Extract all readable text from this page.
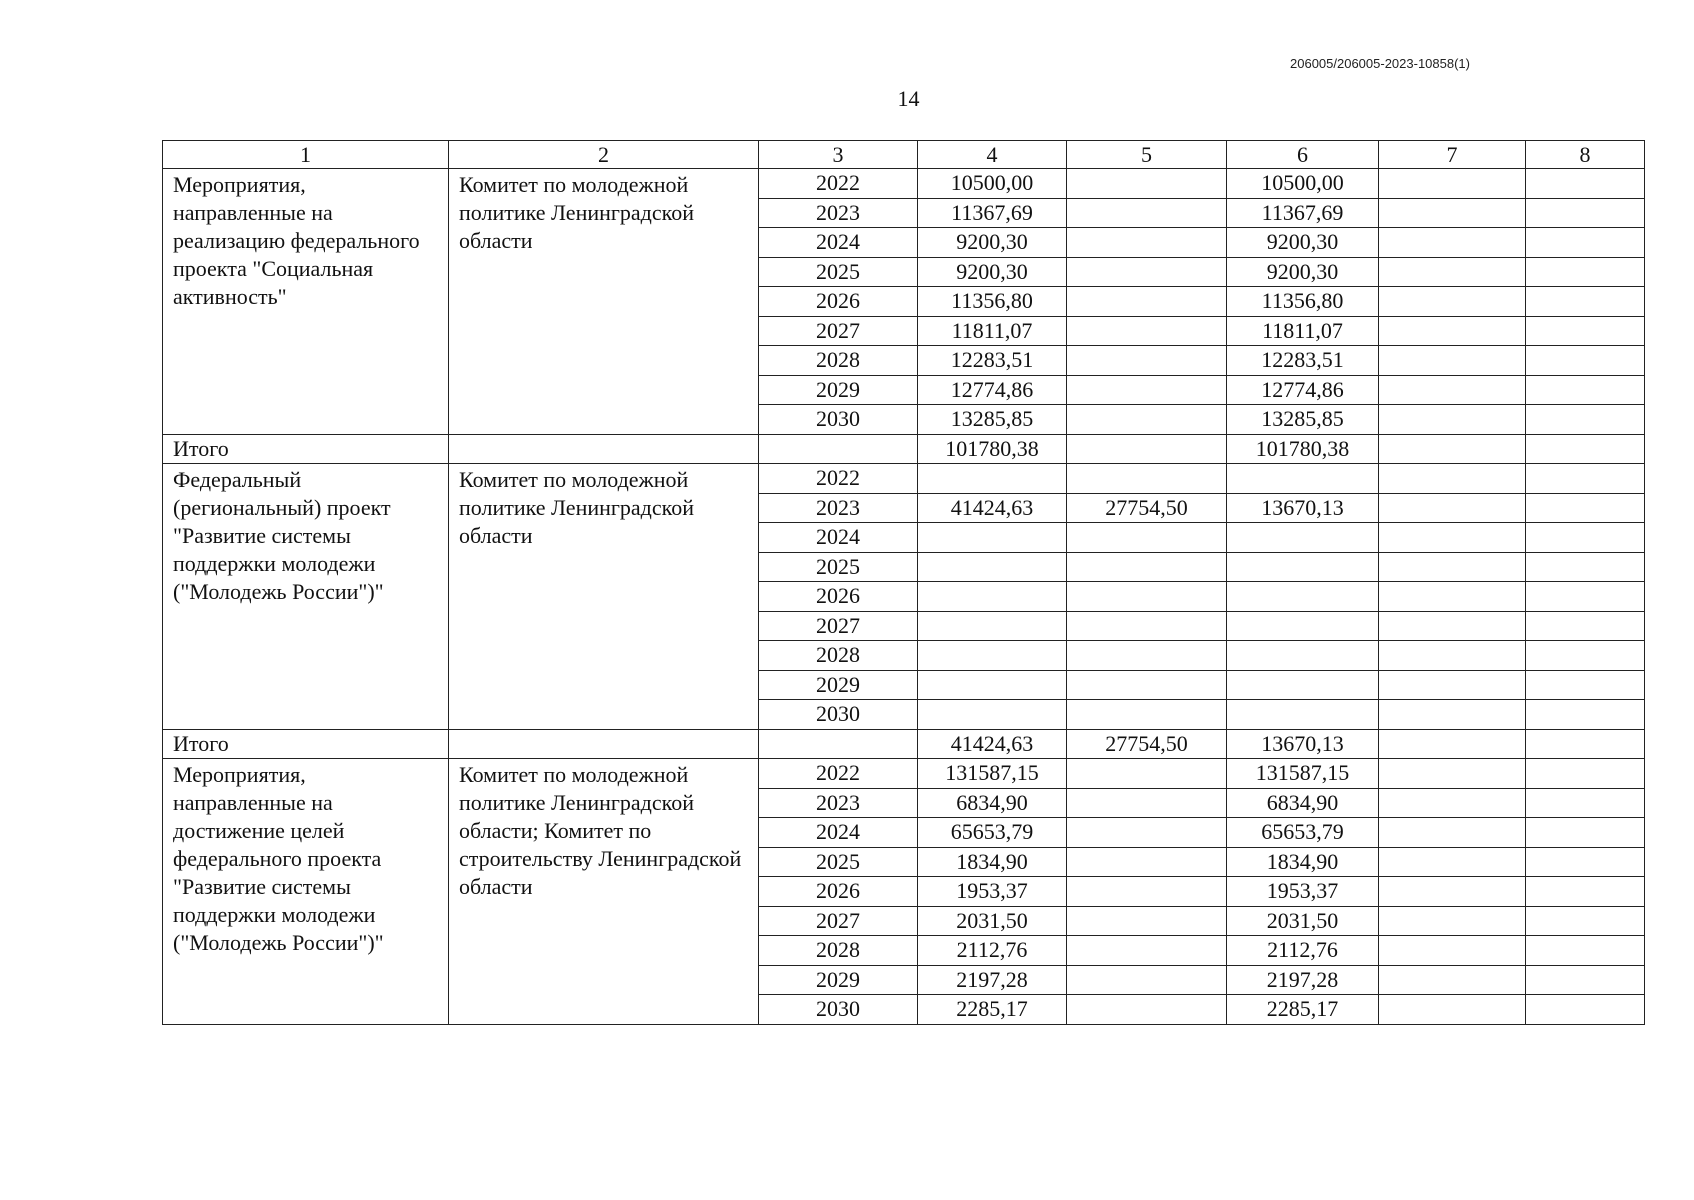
206005/206005-2023-10858(1)
14
1	2	3	4	5	6	7	8
Мероприятия, направленные на реализацию федерального проекта "Социальная активность"	Комитет по молодежной политике Ленинградской области	2022	10500,00		10500,00		
		2023	11367,69		11367,69		
		2024	9200,30		9200,30		
		2025	9200,30		9200,30		
		2026	11356,80		11356,80		
		2027	11811,07		11811,07		
		2028	12283,51		12283,51		
		2029	12774,86		12774,86		
		2030	13285,85		13285,85		
Итого			101780,38		101780,38		
Федеральный (региональный) проект "Развитие системы поддержки молодежи ("Молодежь России")"	Комитет по молодежной политике Ленинградской области	2022					
		2023	41424,63	27754,50	13670,13		
		2024					
		2025					
		2026					
		2027					
		2028					
		2029					
		2030					
Итого			41424,63	27754,50	13670,13		
Мероприятия, направленные на достижение целей федерального проекта "Развитие системы поддержки молодежи ("Молодежь России")"	Комитет по молодежной политике Ленинградской области; Комитет по строительству Ленинградской области	2022	131587,15		131587,15		
		2023	6834,90		6834,90		
		2024	65653,79		65653,79		
		2025	1834,90		1834,90		
		2026	1953,37		1953,37		
		2027	2031,50		2031,50		
		2028	2112,76		2112,76		
		2029	2197,28		2197,28		
		2030	2285,17		2285,17		
